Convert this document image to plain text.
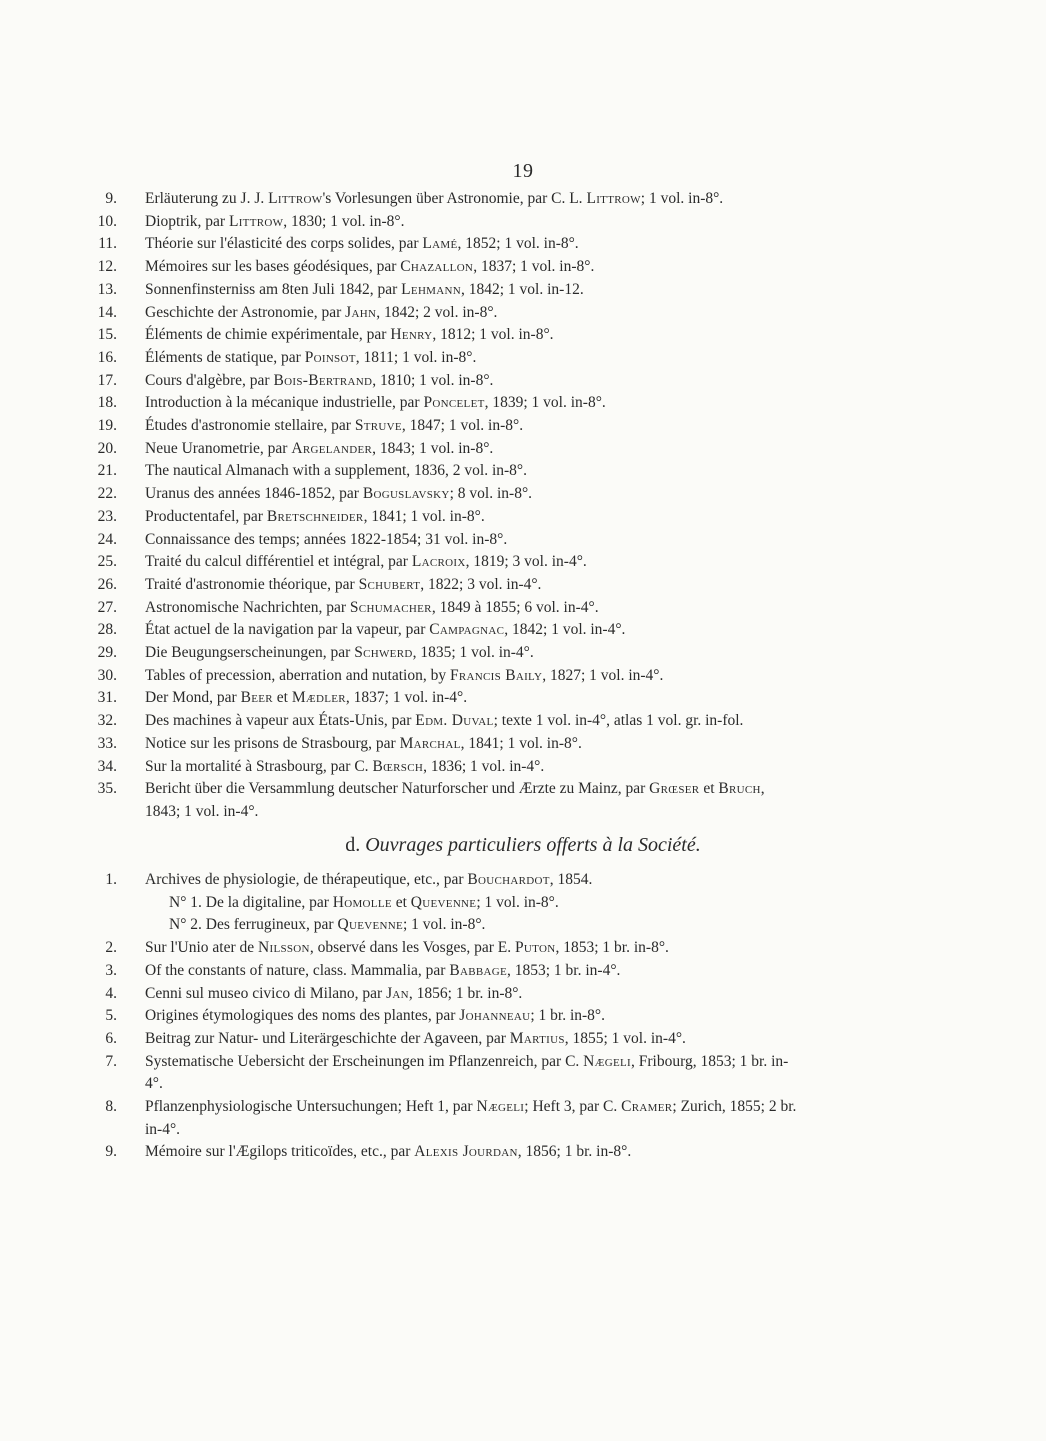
19
9 . Erläuterung zu J. J. Littrow's Vorlesungen über Astronomie, par C. L. Littrow; 1 vol. in-8°.
10 . Dioptrik, par Littrow, 1830; 1 vol. in-8°.
11 . Théorie sur l'élasticité des corps solides, par Lamé, 1852; 1 vol. in-8°.
12 . Mémoires sur les bases géodésiques, par Chazallon, 1837; 1 vol. in-8°.
13 . Sonnenfinsterniss am 8ten Juli 1842, par Lehmann, 1842; 1 vol. in-12.
14 . Geschichte der Astronomie, par Jahn, 1842; 2 vol. in-8°.
15 . Éléments de chimie expérimentale, par Henry, 1812; 1 vol. in-8°.
16 . Éléments de statique, par Poinsot, 1811; 1 vol. in-8°.
17 . Cours d'algèbre, par Bois-Bertrand, 1810; 1 vol. in-8°.
18 . Introduction à la mécanique industrielle, par Poncelet, 1839; 1 vol. in-8°.
19 . Études d'astronomie stellaire, par Struve, 1847; 1 vol. in-8°.
20 . Neue Uranometrie, par Argelander, 1843; 1 vol. in-8°.
21 . The nautical Almanach with a supplement, 1836, 2 vol. in-8°.
22 . Uranus des années 1846-1852, par Boguslavsky; 8 vol. in-8°.
23 . Productentafel, par Bretschneider, 1841; 1 vol. in-8°.
24 . Connaissance des temps; années 1822-1854; 31 vol. in-8°.
25 . Traité du calcul différentiel et intégral, par Lacroix, 1819; 3 vol. in-4°.
26 . Traité d'astronomie théorique, par Schubert, 1822; 3 vol. in-4°.
27 . Astronomische Nachrichten, par Schumacher, 1849 à 1855; 6 vol. in-4°.
28 . État actuel de la navigation par la vapeur, par Campagnac, 1842; 1 vol. in-4°.
29 . Die Beugungserscheinungen, par Schwerd, 1835; 1 vol. in-4°.
30 . Tables of precession, aberration and nutation, by Francis Baily, 1827; 1 vol. in-4°.
31 . Der Mond, par Beer et Mædler, 1837; 1 vol. in-4°.
32 . Des machines à vapeur aux États-Unis, par Edm. Duval; texte 1 vol. in-4°, atlas 1 vol. gr. in-fol.
33 . Notice sur les prisons de Strasbourg, par Marchal, 1841; 1 vol. in-8°.
34 . Sur la mortalité à Strasbourg, par C. Bœrsch, 1836; 1 vol. in-4°.
35 . Bericht über die Versammlung deutscher Naturforscher und Ærzte zu Mainz, par Grœser et Bruch, 1843; 1 vol. in-4°.
d. Ouvrages particuliers offerts à la Société.
1 . Archives de physiologie, de thérapeutique, etc., par Bouchardot, 1854.
N° 1. De la digitaline, par Homolle et Quevenne; 1 vol. in-8°.
N° 2. Des ferrugineux, par Quevenne; 1 vol. in-8°.
2 . Sur l'Unio ater de Nilsson, observé dans les Vosges, par E. Puton, 1853; 1 br. in-8°.
3 . Of the constants of nature, class. Mammalia, par Babbage, 1853; 1 br. in-4°.
4 . Cenni sul museo civico di Milano, par Jan, 1856; 1 br. in-8°.
5 . Origines étymologiques des noms des plantes, par Johanneau; 1 br. in-8°.
6 . Beitrag zur Natur- und Literärgeschichte der Agaveen, par Martius, 1855; 1 vol. in-4°.
7 . Systematische Uebersicht der Erscheinungen im Pflanzenreich, par C. Nægeli, Fribourg, 1853; 1 br. in-4°.
8 . Pflanzenphysiologische Untersuchungen; Heft 1, par Nægeli; Heft 3, par C. Cramer; Zurich, 1855; 2 br. in-4°.
9 . Mémoire sur l'Ægilops triticoïdes, etc., par Alexis Jourdan, 1856; 1 br. in-8°.
